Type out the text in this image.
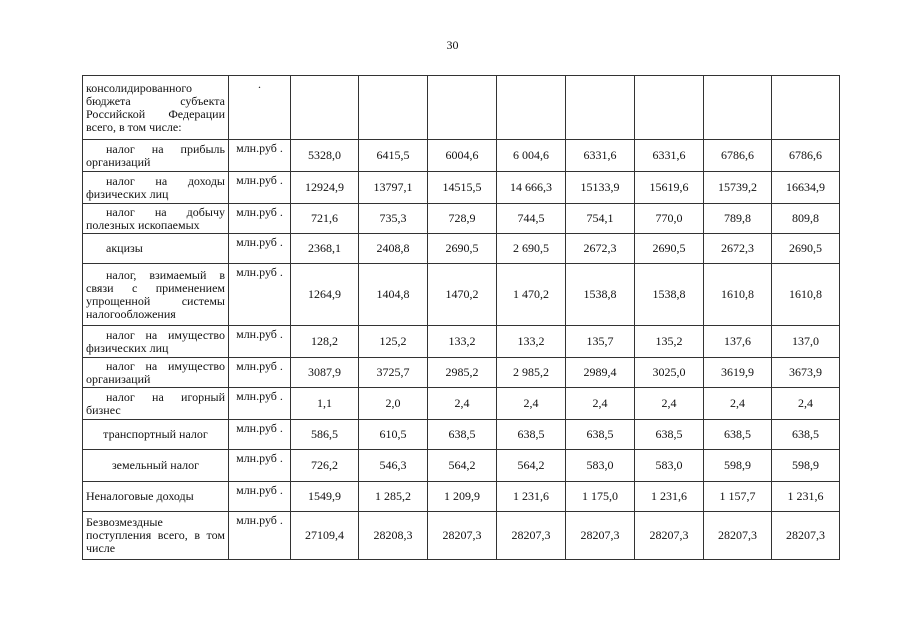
30
консолидированного бюджета субъекта Российской Федерации всего, в том числе:	.								
налог на прибыль организаций	млн.руб .	5328,0	6415,5	6004,6	6 004,6	6331,6	6331,6	6786,6	6786,6
налог на доходы физических лиц	млн.руб .	12924,9	13797,1	14515,5	14 666,3	15133,9	15619,6	15739,2	16634,9
налог на добычу полезных ископаемых	млн.руб .	721,6	735,3	728,9	744,5	754,1	770,0	789,8	809,8
акцизы	млн.руб .	2368,1	2408,8	2690,5	2 690,5	2672,3	2690,5	2672,3	2690,5
налог, взимаемый в связи с применением упрощенной системы налогообложения	млн.руб .	1264,9	1404,8	1470,2	1 470,2	1538,8	1538,8	1610,8	1610,8
налог на имущество физических лиц	млн.руб .	128,2	125,2	133,2	133,2	135,7	135,2	137,6	137,0
налог на имущество организаций	млн.руб .	3087,9	3725,7	2985,2	2 985,2	2989,4	3025,0	3619,9	3673,9
налог на игорный бизнес	млн.руб .	1,1	2,0	2,4	2,4	2,4	2,4	2,4	2,4
транспортный налог	млн.руб .	586,5	610,5	638,5	638,5	638,5	638,5	638,5	638,5
земельный налог	млн.руб .	726,2	546,3	564,2	564,2	583,0	583,0	598,9	598,9
Неналоговые доходы	млн.руб .	1549,9	1 285,2	1 209,9	1 231,6	1 175,0	1 231,6	1 157,7	1 231,6
Безвозмездные поступления всего, в том числе	млн.руб .	27109,4	28208,3	28207,3	28207,3	28207,3	28207,3	28207,3	28207,3
